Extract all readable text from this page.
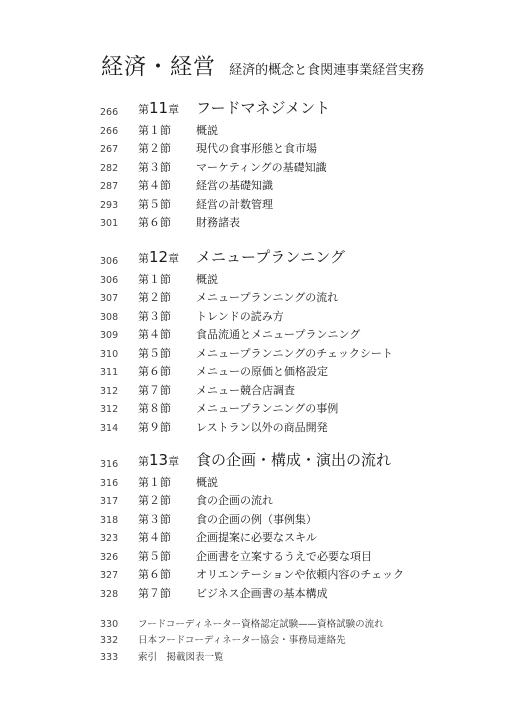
経済・経営 経済的概念と食関連事業経営実務
266 第11章 フードマネジメント
266 第１節 概説
267 第２節 現代の食事形態と食市場
282 第３節 マーケティングの基礎知識
287 第４節 経営の基礎知識
293 第５節 経営の計数管理
301 第６節 財務諸表
306 第12章 メニュープランニング
306 第１節 概説
307 第２節 メニュープランニングの流れ
308 第３節 トレンドの読み方
309 第４節 食品流通とメニュープランニング
310 第５節 メニュープランニングのチェックシート
311 第６節 メニューの原価と価格設定
312 第７節 メニュー競合店調査
312 第８節 メニュープランニングの事例
314 第９節 レストラン以外の商品開発
316 第13章 食の企画・構成・演出の流れ
316 第１節 概説
317 第２節 食の企画の流れ
318 第３節 食の企画の例（事例集）
323 第４節 企画提案に必要なスキル
326 第５節 企画書を立案するうえで必要な項目
327 第６節 オリエンテーションや依頼内容のチェック
328 第７節 ビジネス企画書の基本構成
330 フードコーディネーター資格認定試験——資格試験の流れ
332 日本フードコーディネーター協会・事務局連絡先
333 索引　掲載図表一覧
